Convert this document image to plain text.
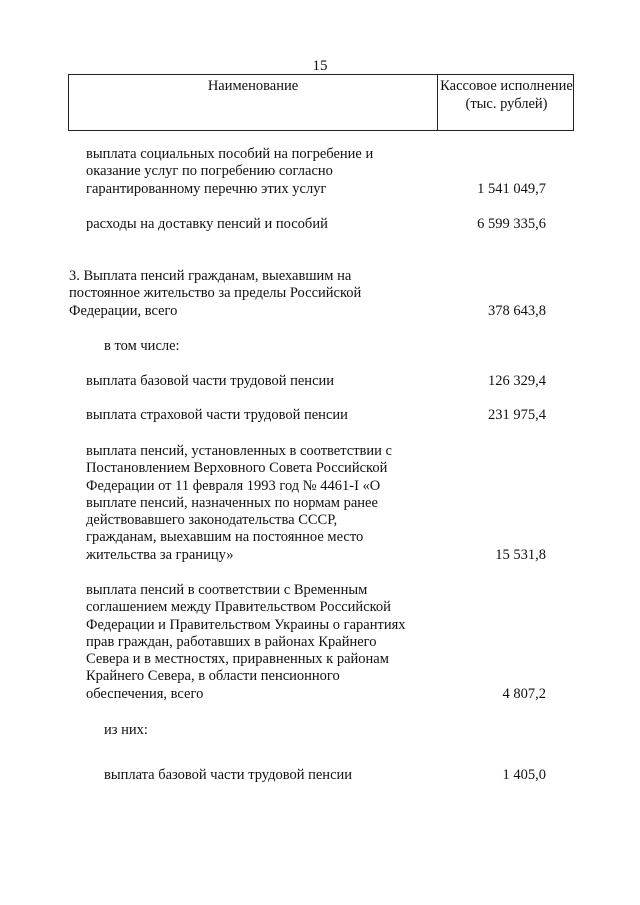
15
Наименование	Кассовое исполнение (тыс. рублей)
выплата социальных пособий на погребение и оказание услуг по погребению согласно гарантированному перечню этих услуг	1 541 049,7
расходы на доставку пенсий и пособий	6 599 335,6
3. Выплата пенсий гражданам, выехавшим на постоянное жительство за пределы Российской Федерации, всего	378 643,8
в том числе:
выплата базовой части трудовой пенсии	126 329,4
выплата страховой части трудовой пенсии	231 975,4
выплата пенсий, установленных в соответствии с Постановлением Верховного Совета Российской Федерации от 11 февраля 1993 год № 4461-I «О выплате пенсий, назначенных по нормам ранее действовавшего законодательства СССР, гражданам, выехавшим на постоянное место жительства за границу»	15 531,8
выплата пенсий в соответствии с Временным соглашением между Правительством Российской Федерации и Правительством Украины о гарантиях прав граждан, работавших в районах Крайнего Севера и в местностях, приравненных к районам Крайнего Севера, в области пенсионного обеспечения, всего	4 807,2
из них:
выплата базовой части трудовой пенсии	1 405,0
